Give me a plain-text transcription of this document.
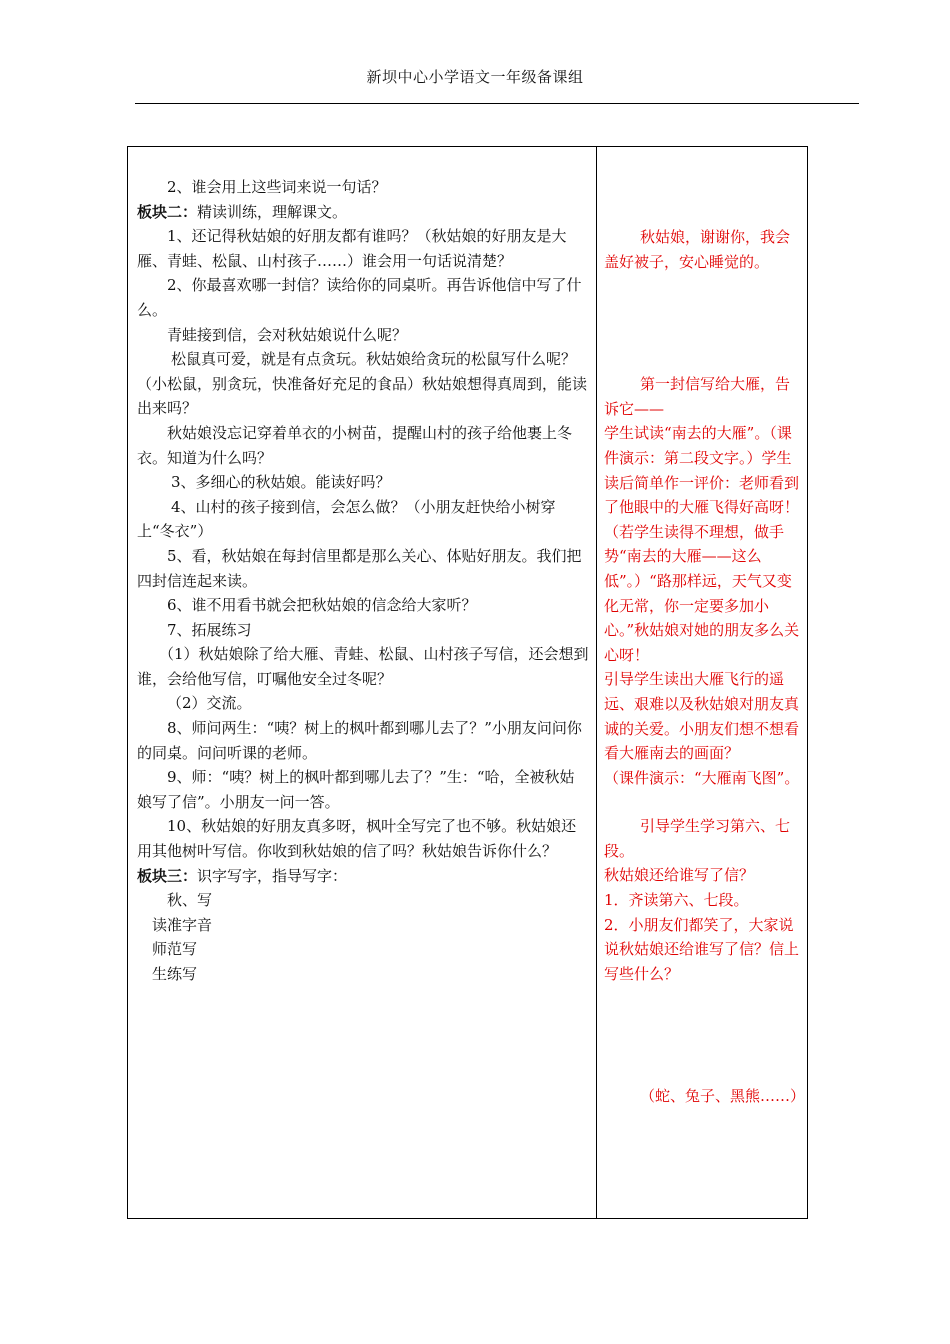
新坝中心小学语文一年级备课组

2、谁会用上这些词来说一句话？

板块二：精读训练，理解课文。

1、还记得秋姑娘的好朋友都有谁吗？（秋姑娘的好朋友是大雁、青蛙、松鼠、山村孩子……）谁会用一句话说清楚？

2、你最喜欢哪一封信？读给你的同桌听。再告诉他信中写了什么。

青蛙接到信，会对秋姑娘说什么呢？

松鼠真可爱，就是有点贪玩。秋姑娘给贪玩的松鼠写什么呢？（小松鼠，别贪玩，快准备好充足的食品）秋姑娘想得真周到，能读出来吗？

秋姑娘没忘记穿着单衣的小树苗，提醒山村的孩子给他裹上冬衣。知道为什么吗？

3、多细心的秋姑娘。能读好吗？

4、山村的孩子接到信，会怎么做？（小朋友赶快给小树穿上“冬衣”）

5、看，秋姑娘在每封信里都是那么关心、体贴好朋友。我们把四封信连起来读。

6、谁不用看书就会把秋姑娘的信念给大家听？

7、拓展练习

（1）秋姑娘除了给大雁、青蛙、松鼠、山村孩子写信，还会想到谁，会给他写信，叮嘱他安全过冬呢？

（2）交流。

8、师问两生：“咦？树上的枫叶都到哪儿去了？”小朋友问问你的同桌。问问听课的老师。

9、师：“咦？树上的枫叶都到哪儿去了？”生：“哈，全被秋姑娘写了信”。小朋友一问一答。

10、秋姑娘的好朋友真多呀，枫叶全写完了也不够。秋姑娘还用其他树叶写信。你收到秋姑娘的信了吗？秋姑娘告诉你什么？

板块三：识字写字，指导写字：

秋、写

读准字音

师范写

生练写

秋姑娘，谢谢你，我会盖好被子，安心睡觉的。

第一封信写给大雁，告诉它——

学生试读“南去的大雁”。（课件演示：第二段文字。）学生读后简单作一评价：老师看到了他眼中的大雁飞得好高呀！（若学生读得不理想，做手势“南去的大雁——这么低”。）“路那样远，天气又变化无常，你一定要多加小心。”秋姑娘对她的朋友多么关心呀！

引导学生读出大雁飞行的遥远、艰难以及秋姑娘对朋友真诚的关爱。小朋友们想不想看看大雁南去的画面？

（课件演示：“大雁南飞图”。

引导学生学习第六、七段。

秋姑娘还给谁写了信？

1．齐读第六、七段。

2．小朋友们都笑了，大家说说秋姑娘还给谁写了信？信上写些什么？

（蛇、兔子、黑熊……）
